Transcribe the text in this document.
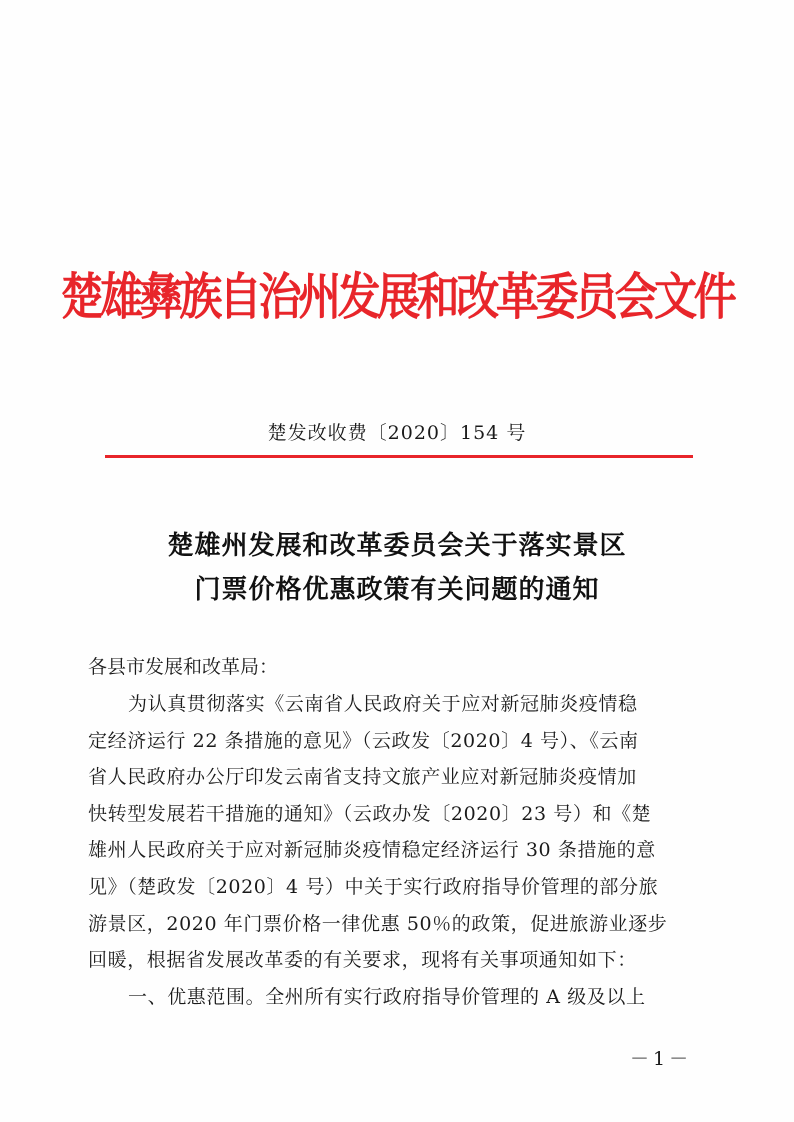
楚雄彝族自治州发展和改革委员会文件
楚发改收费〔2020〕154 号
楚雄州发展和改革委员会关于落实景区
门票价格优惠政策有关问题的通知
各县市发展和改革局：
为认真贯彻落实《云南省人民政府关于应对新冠肺炎疫情稳
定经济运行 22 条措施的意见》（云政发〔2020〕4 号）、《云南
省人民政府办公厅印发云南省支持文旅产业应对新冠肺炎疫情加
快转型发展若干措施的通知》（云政办发〔2020〕23 号）和《楚
雄州人民政府关于应对新冠肺炎疫情稳定经济运行 30 条措施的意
见》（楚政发〔2020〕4 号）中关于实行政府指导价管理的部分旅
游景区，2020 年门票价格一律优惠 50％的政策，促进旅游业逐步
回暖，根据省发展改革委的有关要求，现将有关事项通知如下：
一、优惠范围。全州所有实行政府指导价管理的 A 级及以上
－1－
